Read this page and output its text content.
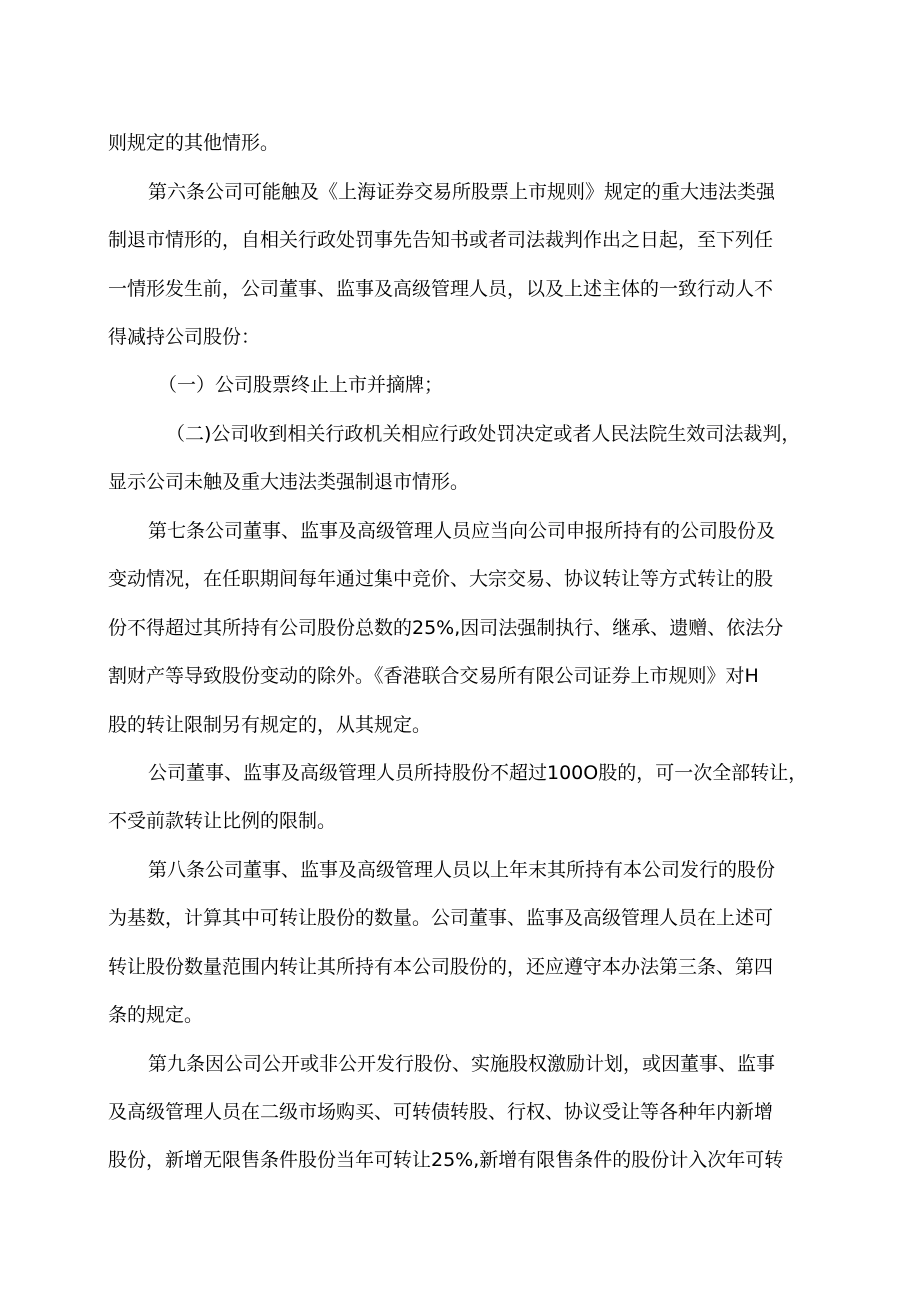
则规定的其他情形。

第六条公司可能触及《上海证券交易所股票上市规则》规定的重大违法类强

制退市情形的，自相关行政处罚事先告知书或者司法裁判作出之日起，至下列任

一情形发生前，公司董事、监事及高级管理人员，以及上述主体的一致行动人不

得减持公司股份：

（一）公司股票终止上市并摘牌；

（二)公司收到相关行政机关相应行政处罚决定或者人民法院生效司法裁判，

显示公司未触及重大违法类强制退市情形。

第七条公司董事、监事及高级管理人员应当向公司申报所持有的公司股份及

变动情况，在任职期间每年通过集中竞价、大宗交易、协议转让等方式转让的股

份不得超过其所持有公司股份总数的25%,因司法强制执行、继承、遗赠、依法分

割财产等导致股份变动的除外。《香港联合交易所有限公司证券上市规则》对H

股的转让限制另有规定的，从其规定。

公司董事、监事及高级管理人员所持股份不超过100O股的，可一次全部转让，

不受前款转让比例的限制。

第八条公司董事、监事及高级管理人员以上年末其所持有本公司发行的股份

为基数，计算其中可转让股份的数量。公司董事、监事及高级管理人员在上述可

转让股份数量范围内转让其所持有本公司股份的，还应遵守本办法第三条、第四

条的规定。

第九条因公司公开或非公开发行股份、实施股权激励计划，或因董事、监事

及高级管理人员在二级市场购买、可转债转股、行权、协议受让等各种年内新增

股份，新增无限售条件股份当年可转让25%,新增有限售条件的股份计入次年可转
